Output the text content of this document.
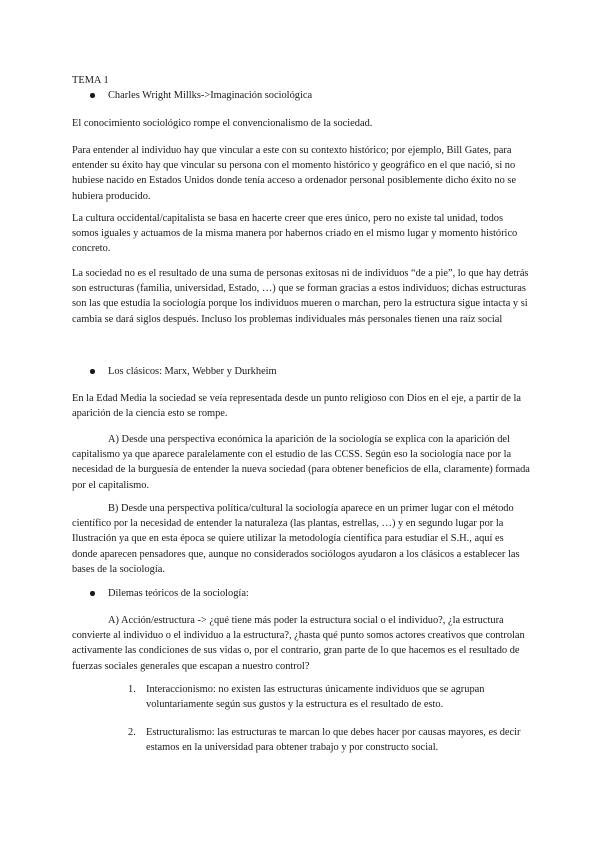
TEMA 1

Charles Wright Millks->Imaginación sociológica

El conocimiento sociológico rompe el convencionalismo de la sociedad.

Para entender al individuo hay que vincular a este con su contexto histórico; por ejemplo, Bill Gates, para entender su éxito hay que vincular su persona con el momento histórico y geográfico en el que nació, si no hubiese nacido en Estados Unidos donde tenía acceso a ordenador personal posiblemente dicho éxito no se hubiera producido.

La cultura occidental/capitalista se basa en hacerte creer que eres único, pero no existe tal unidad, todos somos iguales y actuamos de la misma manera por habernos criado en el mismo lugar y momento histórico concreto.

La sociedad no es el resultado de una suma de personas exitosas ni de individuos “de a pie”, lo que hay detrás son estructuras (familia, universidad, Estado, …) que se forman gracias a estos individuos; dichas estructuras son las que estudia la sociología porque los individuos mueren o marchan, pero la estructura sigue intacta y si cambia se dará siglos después. Incluso los problemas individuales más personales tienen una raíz social

Los clásicos: Marx, Webber y Durkheim

En la Edad Media la sociedad se veía representada desde un punto religioso con Dios en el eje, a partir de la aparición de la ciencia esto se rompe.

A) Desde una perspectiva económica la aparición de la sociología se explica con la aparición del capitalismo ya que aparece paralelamente con el estudio de las CCSS. Según eso la sociología nace por la necesidad de la burguesía de entender la nueva sociedad (para obtener beneficios de ella, claramente) formada por el capitalismo.

B) Desde una perspectiva política/cultural la sociología aparece en un primer lugar con el método científico por la necesidad de entender la naturaleza (las plantas, estrellas, …) y en segundo lugar por la Ilustración ya que en esta época se quiere utilizar la metodología científica para estudiar el S.H., aquí es donde aparecen pensadores que, aunque no considerados sociólogos ayudaron a los clásicos a establecer las bases de la sociología.

Dilemas teóricos de la sociología:

A) Acción/estructura -> ¿qué tiene más poder la estructura social o el individuo?, ¿la estructura convierte al individuo o el individuo a la estructura?, ¿hasta qué punto somos actores creativos que controlan activamente las condiciones de sus vidas o, por el contrario, gran parte de lo que hacemos es el resultado de fuerzas sociales generales que escapan a nuestro control?

1. Interaccionismo: no existen las estructuras únicamente individuos que se agrupan voluntariamente según sus gustos y la estructura es el resultado de esto.

2. Estructuralismo: las estructuras te marcan lo que debes hacer por causas mayores, es decir estamos en la universidad para obtener trabajo y por constructo social.
